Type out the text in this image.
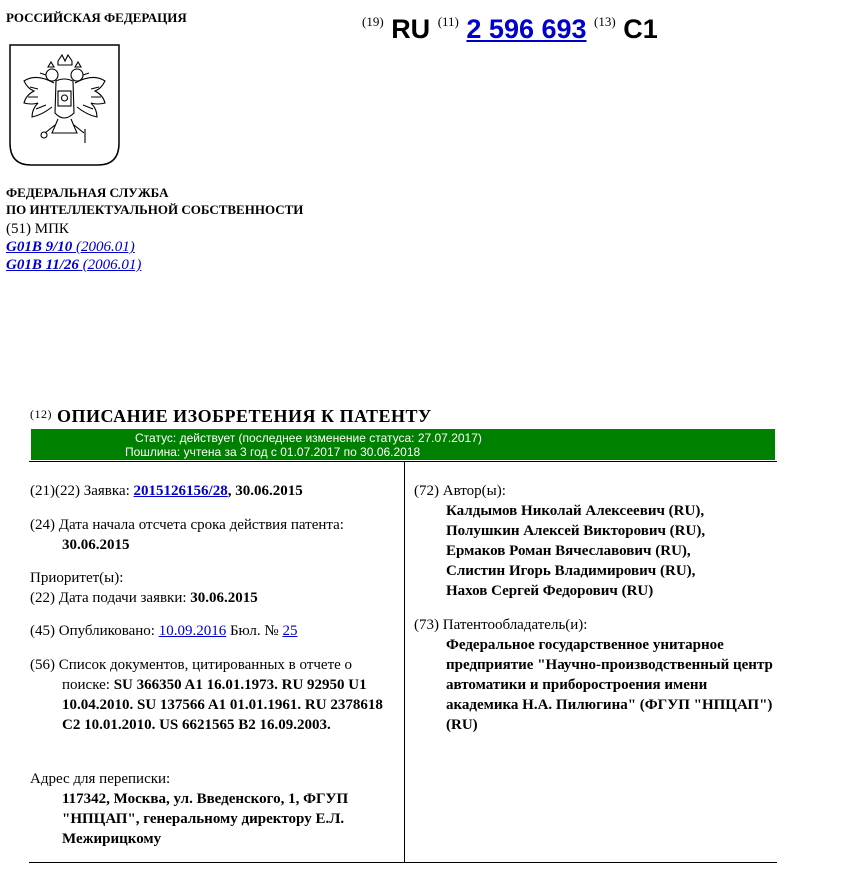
РОССИЙСКАЯ ФЕДЕРАЦИЯ	$^{(19)}$ RU $^{(11)}$ 2 596 693 $^{(13)}$ C1
ФЕДЕРАЛЬНАЯ СЛУЖБА
ПО ИНТЕЛЛЕКТУАЛЬНОЙ СОБСТВЕННОСТИ
(51) МПК
G01B 9/10 (2006.01)
G01B 11/26 (2006.01)
$^{(12)}$ ОПИСАНИЕ ИЗОБРЕТЕНИЯ К ПАТЕНТУ
Статус: действует (последнее изменение статуса: 27.07.2017)
Пошлина: учтена за 3 год с 01.07.2017 по 30.06.2018
(21)(22) Заявка: 2015126156/28, 30.06.2015
(24) Дата начала отсчета срока действия патента:
30.06.2015
Приоритет(ы):
(22) Дата подачи заявки: 30.06.2015
(45) Опубликовано: 10.09.2016 Бюл. № 25
(56) Список документов, цитированных в отчете о
поиске: SU 366350 A1 16.01.1973. RU 92950 U1 10.04.2010. SU 137566 A1 01.01.1961. RU 2378618 C2 10.01.2010. US 6621565 B2 16.09.2003.
Адрес для переписки:
117342, Москва, ул. Введенского, 1, ФГУП "НПЦАП", генеральному директору Е.Л. Межирицкому
(72) Автор(ы):
Калдымов Николай Алексеевич (RU),
Полушкин Алексей Викторович (RU),
Ермаков Роман Вячеславович (RU),
Слистин Игорь Владимирович (RU),
Нахов Сергей Федорович (RU)
(73) Патентообладатель(и):
Федеральное государственное унитарное предприятие "Научно-производственный центр автоматики и приборостроения имени академика Н.А. Пилюгина" (ФГУП "НПЦАП") (RU)
